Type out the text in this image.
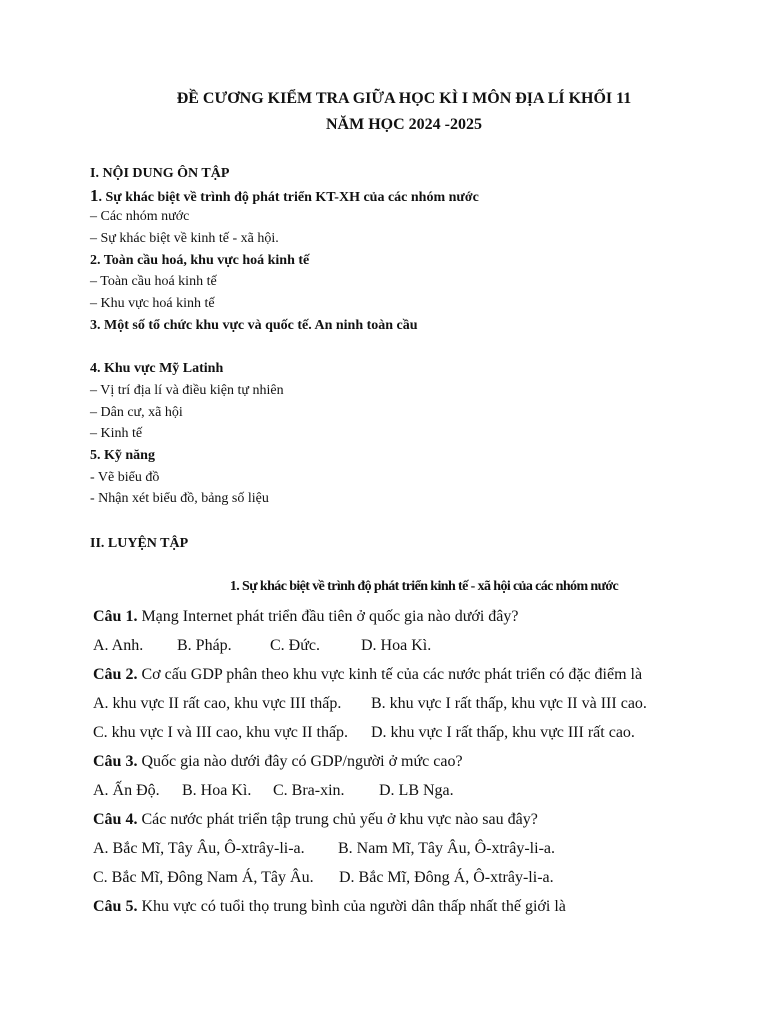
ĐỀ CƯƠNG KIỂM TRA GIỮA HỌC KÌ I MÔN ĐỊA LÍ KHỐI 11
NĂM HỌC 2024 -2025
I. NỘI DUNG ÔN TẬP
1. Sự khác biệt về trình độ phát triển KT-XH của các nhóm nước
– Các nhóm nước
– Sự khác biệt về kinh tế - xã hội.
2. Toàn cầu hoá, khu vực hoá kinh tế
– Toàn cầu hoá kinh tế
– Khu vực hoá kinh tế
3. Một số tổ chức khu vực và quốc tế. An ninh toàn cầu
4. Khu vực Mỹ Latinh
– Vị trí địa lí và điều kiện tự nhiên
– Dân cư, xã hội
– Kinh tế
5. Kỹ năng
- Vẽ biểu đồ
- Nhận xét biểu đồ, bảng số liệu
II. LUYỆN TẬP
1. Sự khác biệt về trình độ phát triển kinh tế - xã hội của các nhóm nước
Câu 1. Mạng Internet phát triển đầu tiên ở quốc gia nào dưới đây?
A. Anh. B. Pháp. C. Đức.	D. Hoa Kì.
Câu 2. Cơ cấu GDP phân theo khu vực kinh tế của các nước phát triển có đặc điểm là
A. khu vực II rất cao, khu vực III thấp. B. khu vực I rất thấp, khu vực II và III cao.
C. khu vực I và III cao, khu vực II thấp. D. khu vực I rất thấp, khu vực III rất cao.
Câu 3. Quốc gia nào dưới đây có GDP/người ở mức cao?
A. Ấn Độ. B. Hoa Kì. C. Bra-xin. D. LB Nga.
Câu 4. Các nước phát triển tập trung chủ yếu ở khu vực nào sau đây?
A. Bắc Mĩ, Tây Âu, Ô-xtrây-li-a. B. Nam Mĩ, Tây Âu, Ô-xtrây-li-a.
C. Bắc Mĩ, Đông Nam Á, Tây Âu. D. Bắc Mĩ, Đông Á, Ô-xtrây-li-a.
Câu 5. Khu vực có tuổi thọ trung bình của người dân thấp nhất thế giới là
